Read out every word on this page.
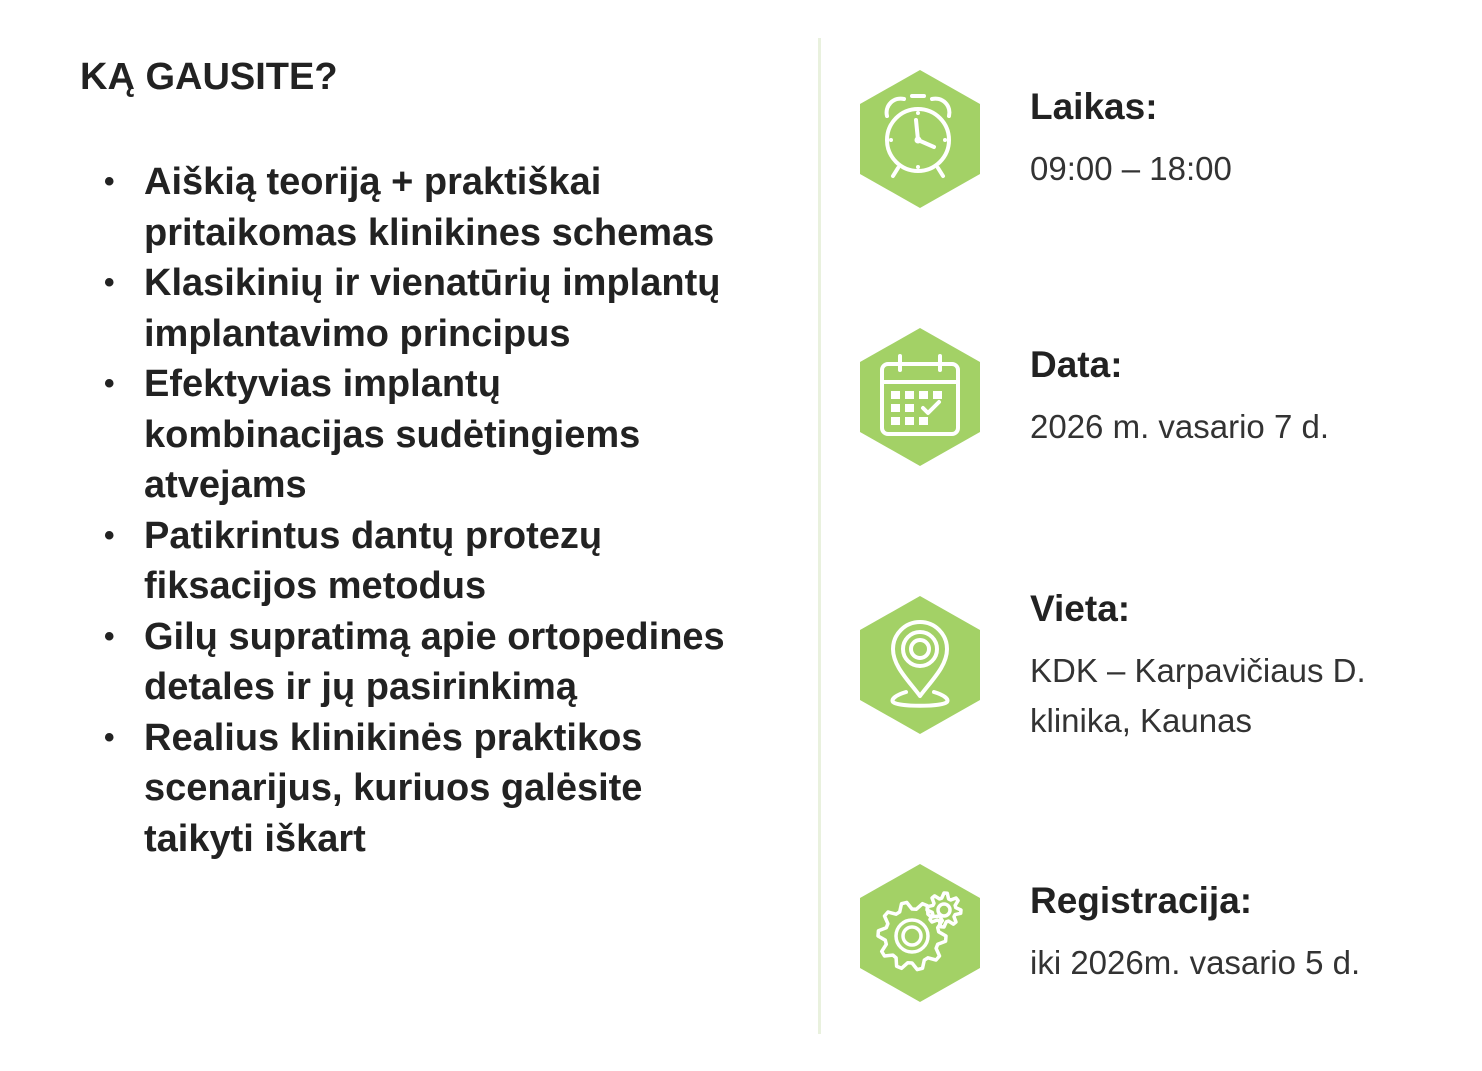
KĄ GAUSITE?
• Aiškią teoriją + praktiškai pritaikomas klinikines schemas
• Klasikinių ir vienatūrių implantų implantavimo principus
• Efektyvias implantų kombinacijas sudėtingiems atvejams
• Patikrintus dantų protezų fiksacijos metodus
• Gilų supratimą apie ortopedines detales ir jų pasirinkimą
• Realius klinikinės praktikos scenarijus, kuriuos galėsite taikyti iškart

Laikas:

09:00 – 18:00

Data:

2026 m. vasario 7 d.

Vieta:

KDK – Karpavičiaus D. klinika, Kaunas

Registracija:

iki 2026m. vasario 5 d.
